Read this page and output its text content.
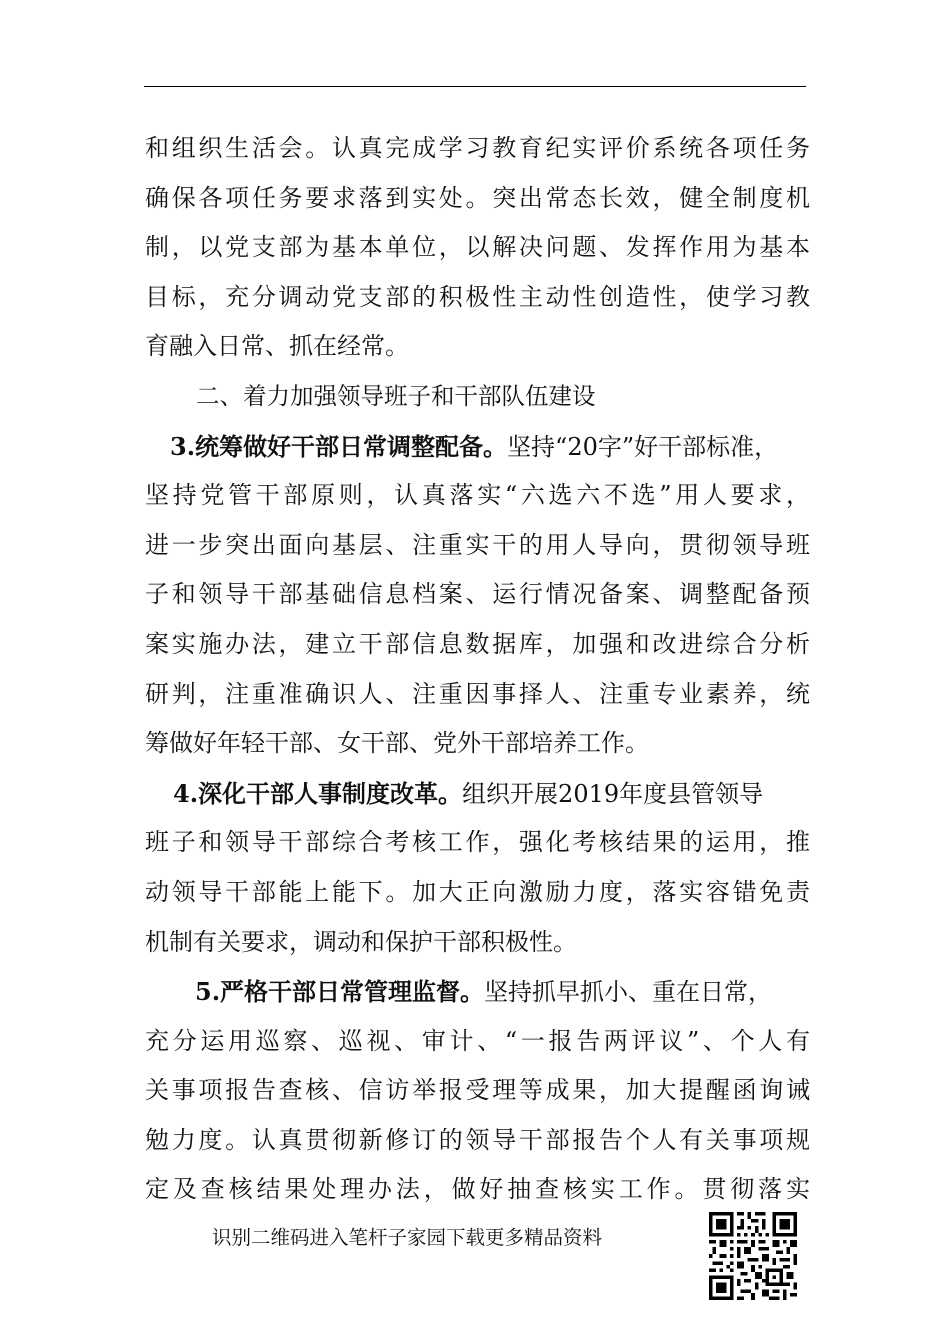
和组织生活会。认真完成学习教育纪实评价系统各项任务
确保各项任务要求落到实处。突出常态长效，健全制度机
制，以党支部为基本单位，以解决问题、发挥作用为基本
目标，充分调动党支部的积极性主动性创造性，使学习教
育融入日常、抓在经常。
二、着力加强领导班子和干部队伍建设
3.统筹做好干部日常调整配备。坚持“20字”好干部标准，
坚持党管干部原则，认真落实“六选六不选”用人要求，
进一步突出面向基层、注重实干的用人导向，贯彻领导班
子和领导干部基础信息档案、运行情况备案、调整配备预
案实施办法，建立干部信息数据库，加强和改进综合分析
研判，注重准确识人、注重因事择人、注重专业素养，统
筹做好年轻干部、女干部、党外干部培养工作。
4.深化干部人事制度改革。组织开展2019年度县管领导
班子和领导干部综合考核工作，强化考核结果的运用，推
动领导干部能上能下。加大正向激励力度，落实容错免责
机制有关要求，调动和保护干部积极性。
5.严格干部日常管理监督。坚持抓早抓小、重在日常，
充分运用巡察、巡视、审计、“一报告两评议”、个人有
关事项报告查核、信访举报受理等成果，加大提醒函询诫
勉力度。认真贯彻新修订的领导干部报告个人有关事项规
定及查核结果处理办法，做好抽查核实工作。贯彻落实
识别二维码进入笔杆子家园下载更多精品资料
